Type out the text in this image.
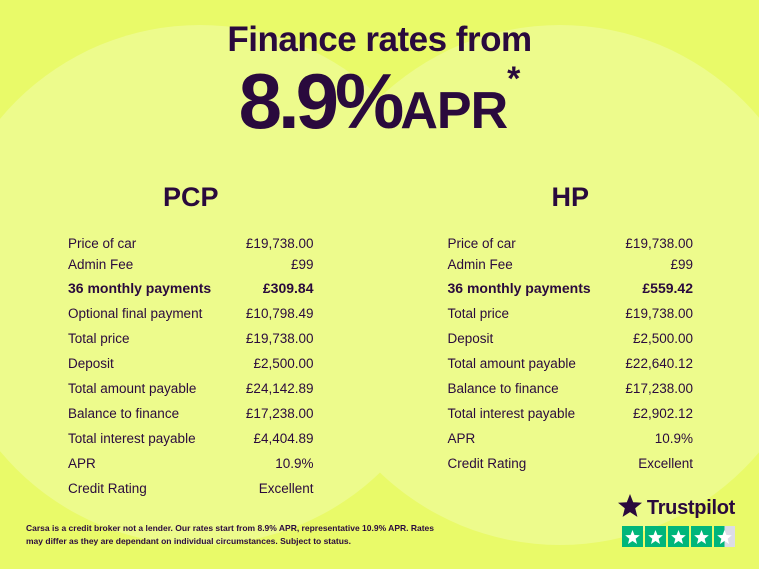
Finance rates from
8.9%APR*
PCP
Price of car	£19,738.00
Admin Fee	£99
36 monthly payments	£309.84
Optional final payment	£10,798.49
Total price	£19,738.00
Deposit	£2,500.00
Total amount payable	£24,142.89
Balance to finance	£17,238.00
Total interest payable	£4,404.89
APR	10.9%
Credit Rating	Excellent
HP
Price of car	£19,738.00
Admin Fee	£99
36 monthly payments	£559.42
Total price	£19,738.00
Deposit	£2,500.00
Total amount payable	£22,640.12
Balance to finance	£17,238.00
Total interest payable	£2,902.12
APR	10.9%
Credit Rating	Excellent
Carsa is a credit broker not a lender. Our rates start from 8.9% APR, representative 10.9% APR. Rates may differ as they are dependant on individual circumstances. Subject to status.
Trustpilot
